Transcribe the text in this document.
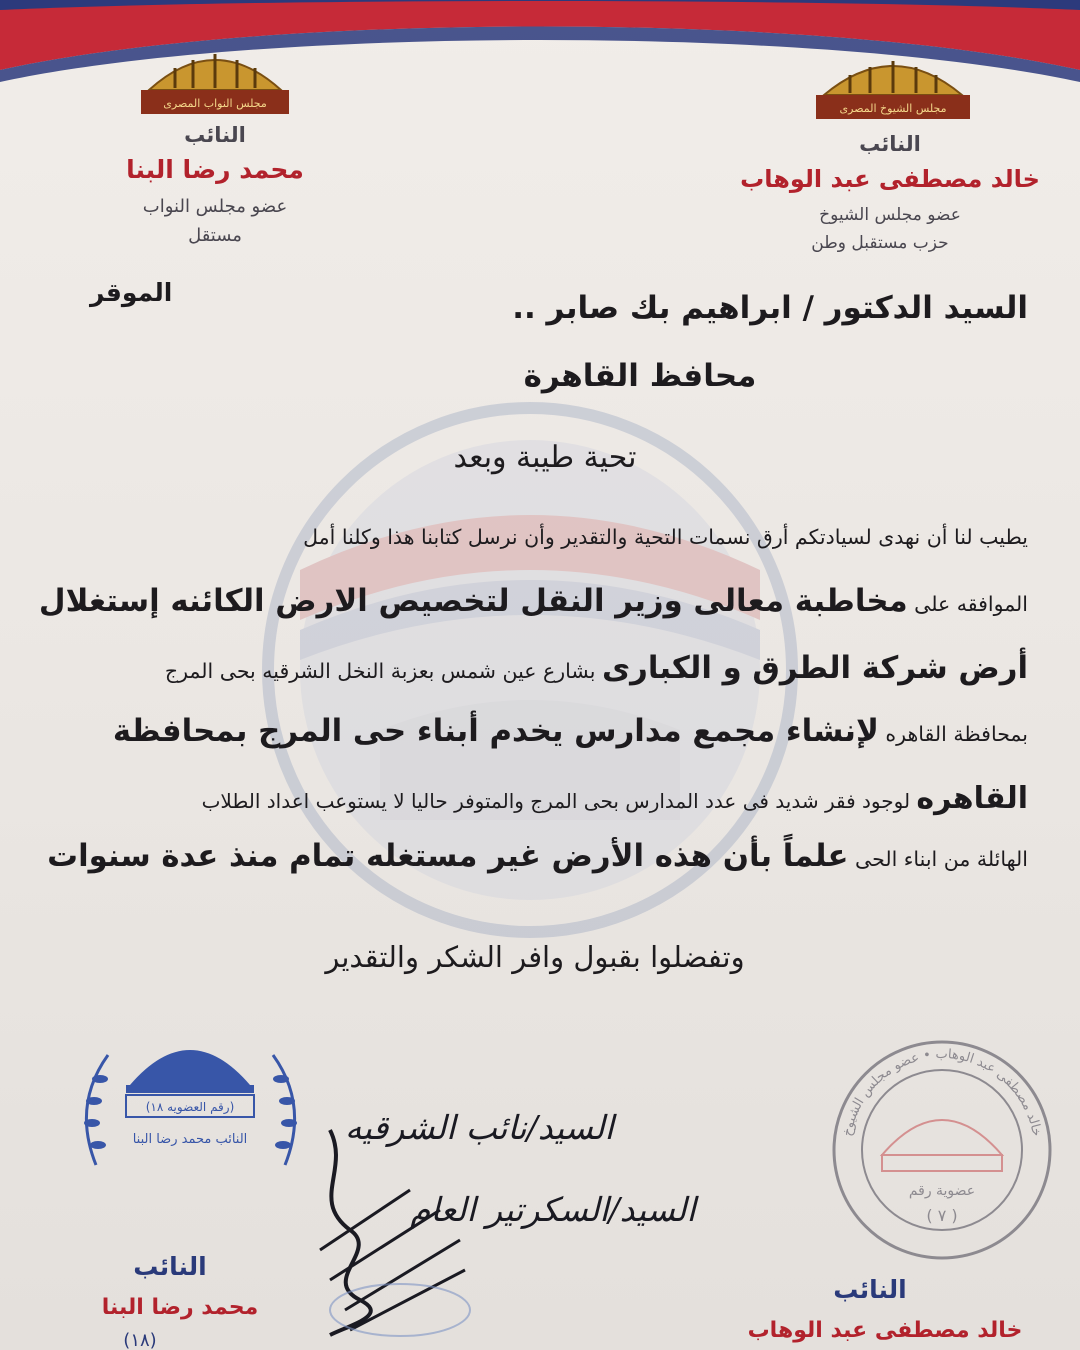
مجلس النواب المصرى	مجلس الشيوخ المصرى
النائب
محمد رضا البنا
عضو مجلس النواب
مستقل
النائب
خالد مصطفى عبد الوهاب
عضو مجلس الشيوخ
حزب مستقبل وطن
السيد الدكتور / ابراهيم بك صابر ..
الموقر
محافظ القاهرة
تحية طيبة وبعد
يطيب لنا أن نهدى لسيادتكم أرق نسمات التحية والتقدير وأن نرسل كتابنا هذا وكلنا أمل
الموافقه على مخاطبة معالى وزير النقل لتخصيص الارض الكائنه إستغلال
أرض شركة الطرق و الكبارى بشارع عين شمس بعزبة النخل الشرقيه بحى المرج
بمحافظة القاهره لإنشاء مجمع مدارس يخدم أبناء حى المرج بمحافظة
القاهره لوجود فقر شديد فى عدد المدارس بحى المرج والمتوفر حاليا لا يستوعب اعداد الطلاب
الهائلة من ابناء الحى علماً بأن هذه الأرض غير مستغله تمام منذ عدة سنوات
وتفضلوا بقبول وافر الشكر والتقدير
(رقم العضويه ١٨)
النائب محمد رضا البنا
خالد مصطفى عبد الوهاب • عضو مجلس الشيوخ
عضوية رقم
( ٧ )
السيد/نائب الشرقيه
السيد/السكرتير العام
النائب
محمد رضا البنا
(١٨)
النائب
خالد مصطفى عبد الوهاب
